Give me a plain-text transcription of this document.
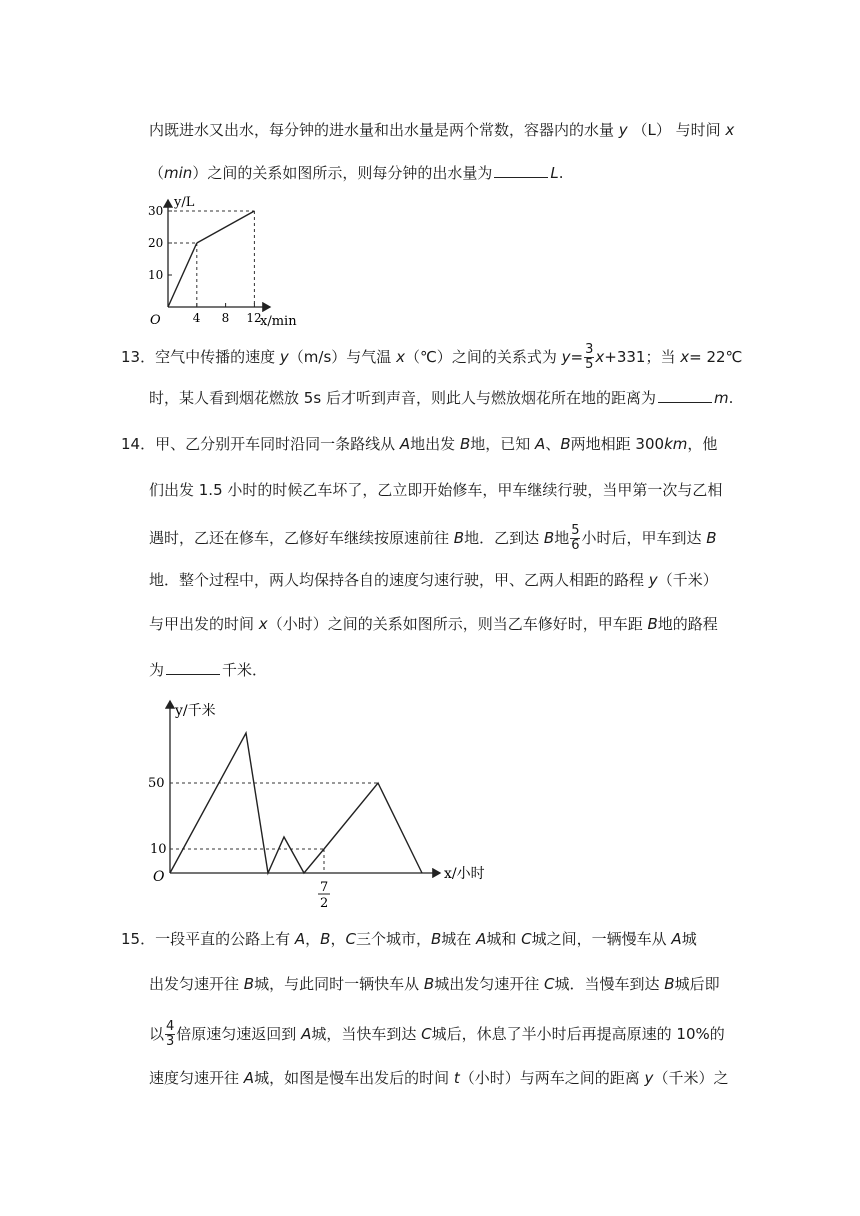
内既进水又出水，每分钟的进水量和出水量是两个常数，容器内的水量 y （L） 与时间 x
（min）之间的关系如图所示，则每分钟的出水量为	L.
y/L
x/min
O	4 8 12
10
20
30
13．空气中传播的速度 y（m/s）与气温 x（℃）之间的关系式为 $y= \frac{3}{5} x+331$；当 x= 22℃
时，某人看到烟花燃放 5s 后才听到声音，则此人与燃放烟花所在地的距离为	m.
14．甲、乙分别开车同时沿同一条路线从 A地出发 B地，已知 A、B两地相距 300km，他
们出发 1.5 小时的时候乙车坏了，乙立即开始修车，甲车继续行驶，当甲第一次与乙相
遇时，乙还在修车，乙修好车继续按原速前往 B地．乙到达 B地 $\frac{5}{6}$ 小时后，甲车到达 B
地．整个过程中，两人均保持各自的速度匀速行驶，甲、乙两人相距的路程 y（千米）
与甲出发的时间 x（小时）之间的关系如图所示，则当乙车修好时，甲车距 B地的路程
为	千米．
y/千米
x/小时
O
50
10
7
2
15．一段平直的公路上有 A，B，C三个城市，B城在 A城和 C城之间，一辆慢车从 A城
出发匀速开往 B城，与此同时一辆快车从 B城出发匀速开往 C城．当慢车到达 B城后即
以 $\frac{4}{3}$ 倍原速匀速返回到 A城，当快车到达 C城后，休息了半小时后再提高原速的 10%的
速度匀速开往 A城，如图是慢车出发后的时间 t（小时）与两车之间的距离 y（千米）之
